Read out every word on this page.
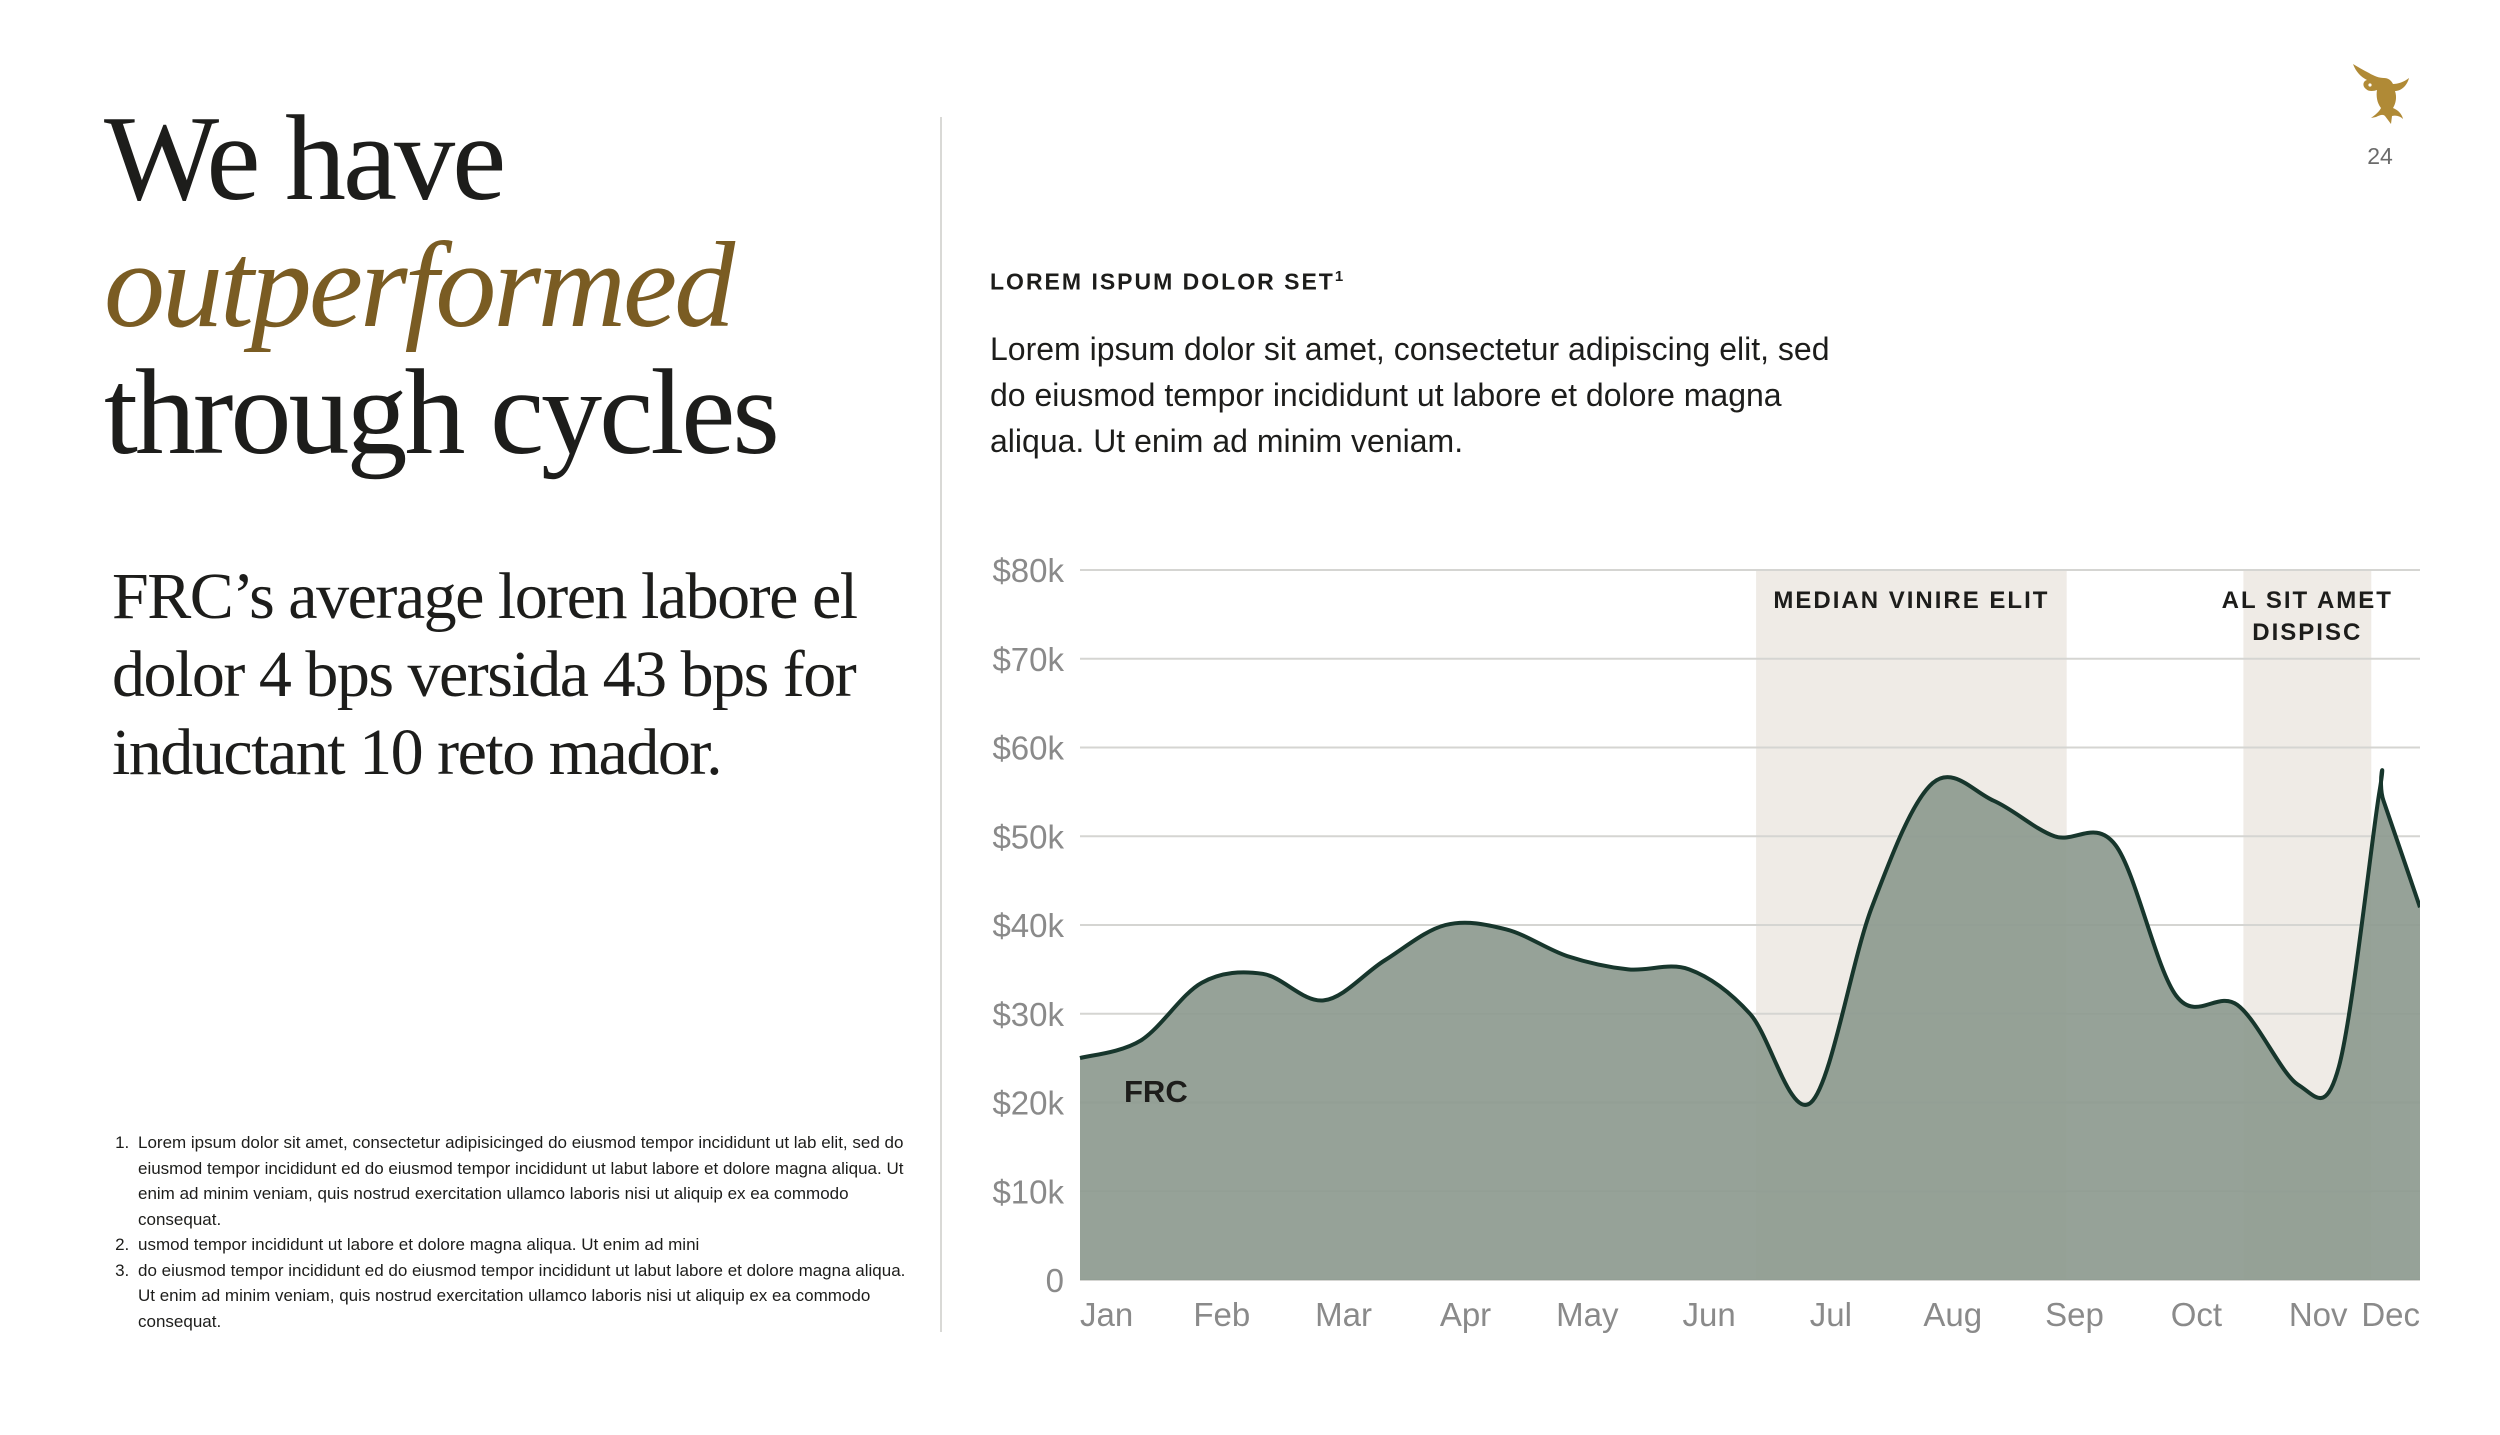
We have
outperformed
through cycles

FRC’s average loren labore el dolor 4 bps versida 43 bps for inductant 10 reto mador.

1. Lorem ipsum dolor sit amet, consectetur adipisicinged do eiusmod tempor incididunt ut lab elit, sed do eiusmod tempor incididunt ed do eiusmod tempor incididunt ut labut labore et dolore magna aliqua. Ut enim ad minim veniam, quis nostrud exercitation ullamco laboris nisi ut aliquip ex ea commodo consequat.
2. usmod tempor incididunt ut labore et dolore magna aliqua. Ut enim ad mini
3. do eiusmod tempor incididunt ed do eiusmod tempor incididunt ut labut labore et dolore magna aliqua. Ut enim ad minim veniam, quis nostrud exercitation ullamco laboris nisi ut aliquip ex ea commodo consequat.
LOREM ISPUM DOLOR SET$^1$

Lorem ipsum dolor sit amet, consectetur adipiscing elit, sed do eiusmod tempor incididunt ut labore et dolore magna aliqua. Ut enim ad minim veniam.

24
0
$10k
$20k
$30k
$40k
$50k
$60k
$70k
$80k
Jan Feb Mar Apr May Jun Jul Aug Sep Oct Nov Dec
MEDIAN VINIRE ELIT	AL SIT AMET DISPISC
FRC
